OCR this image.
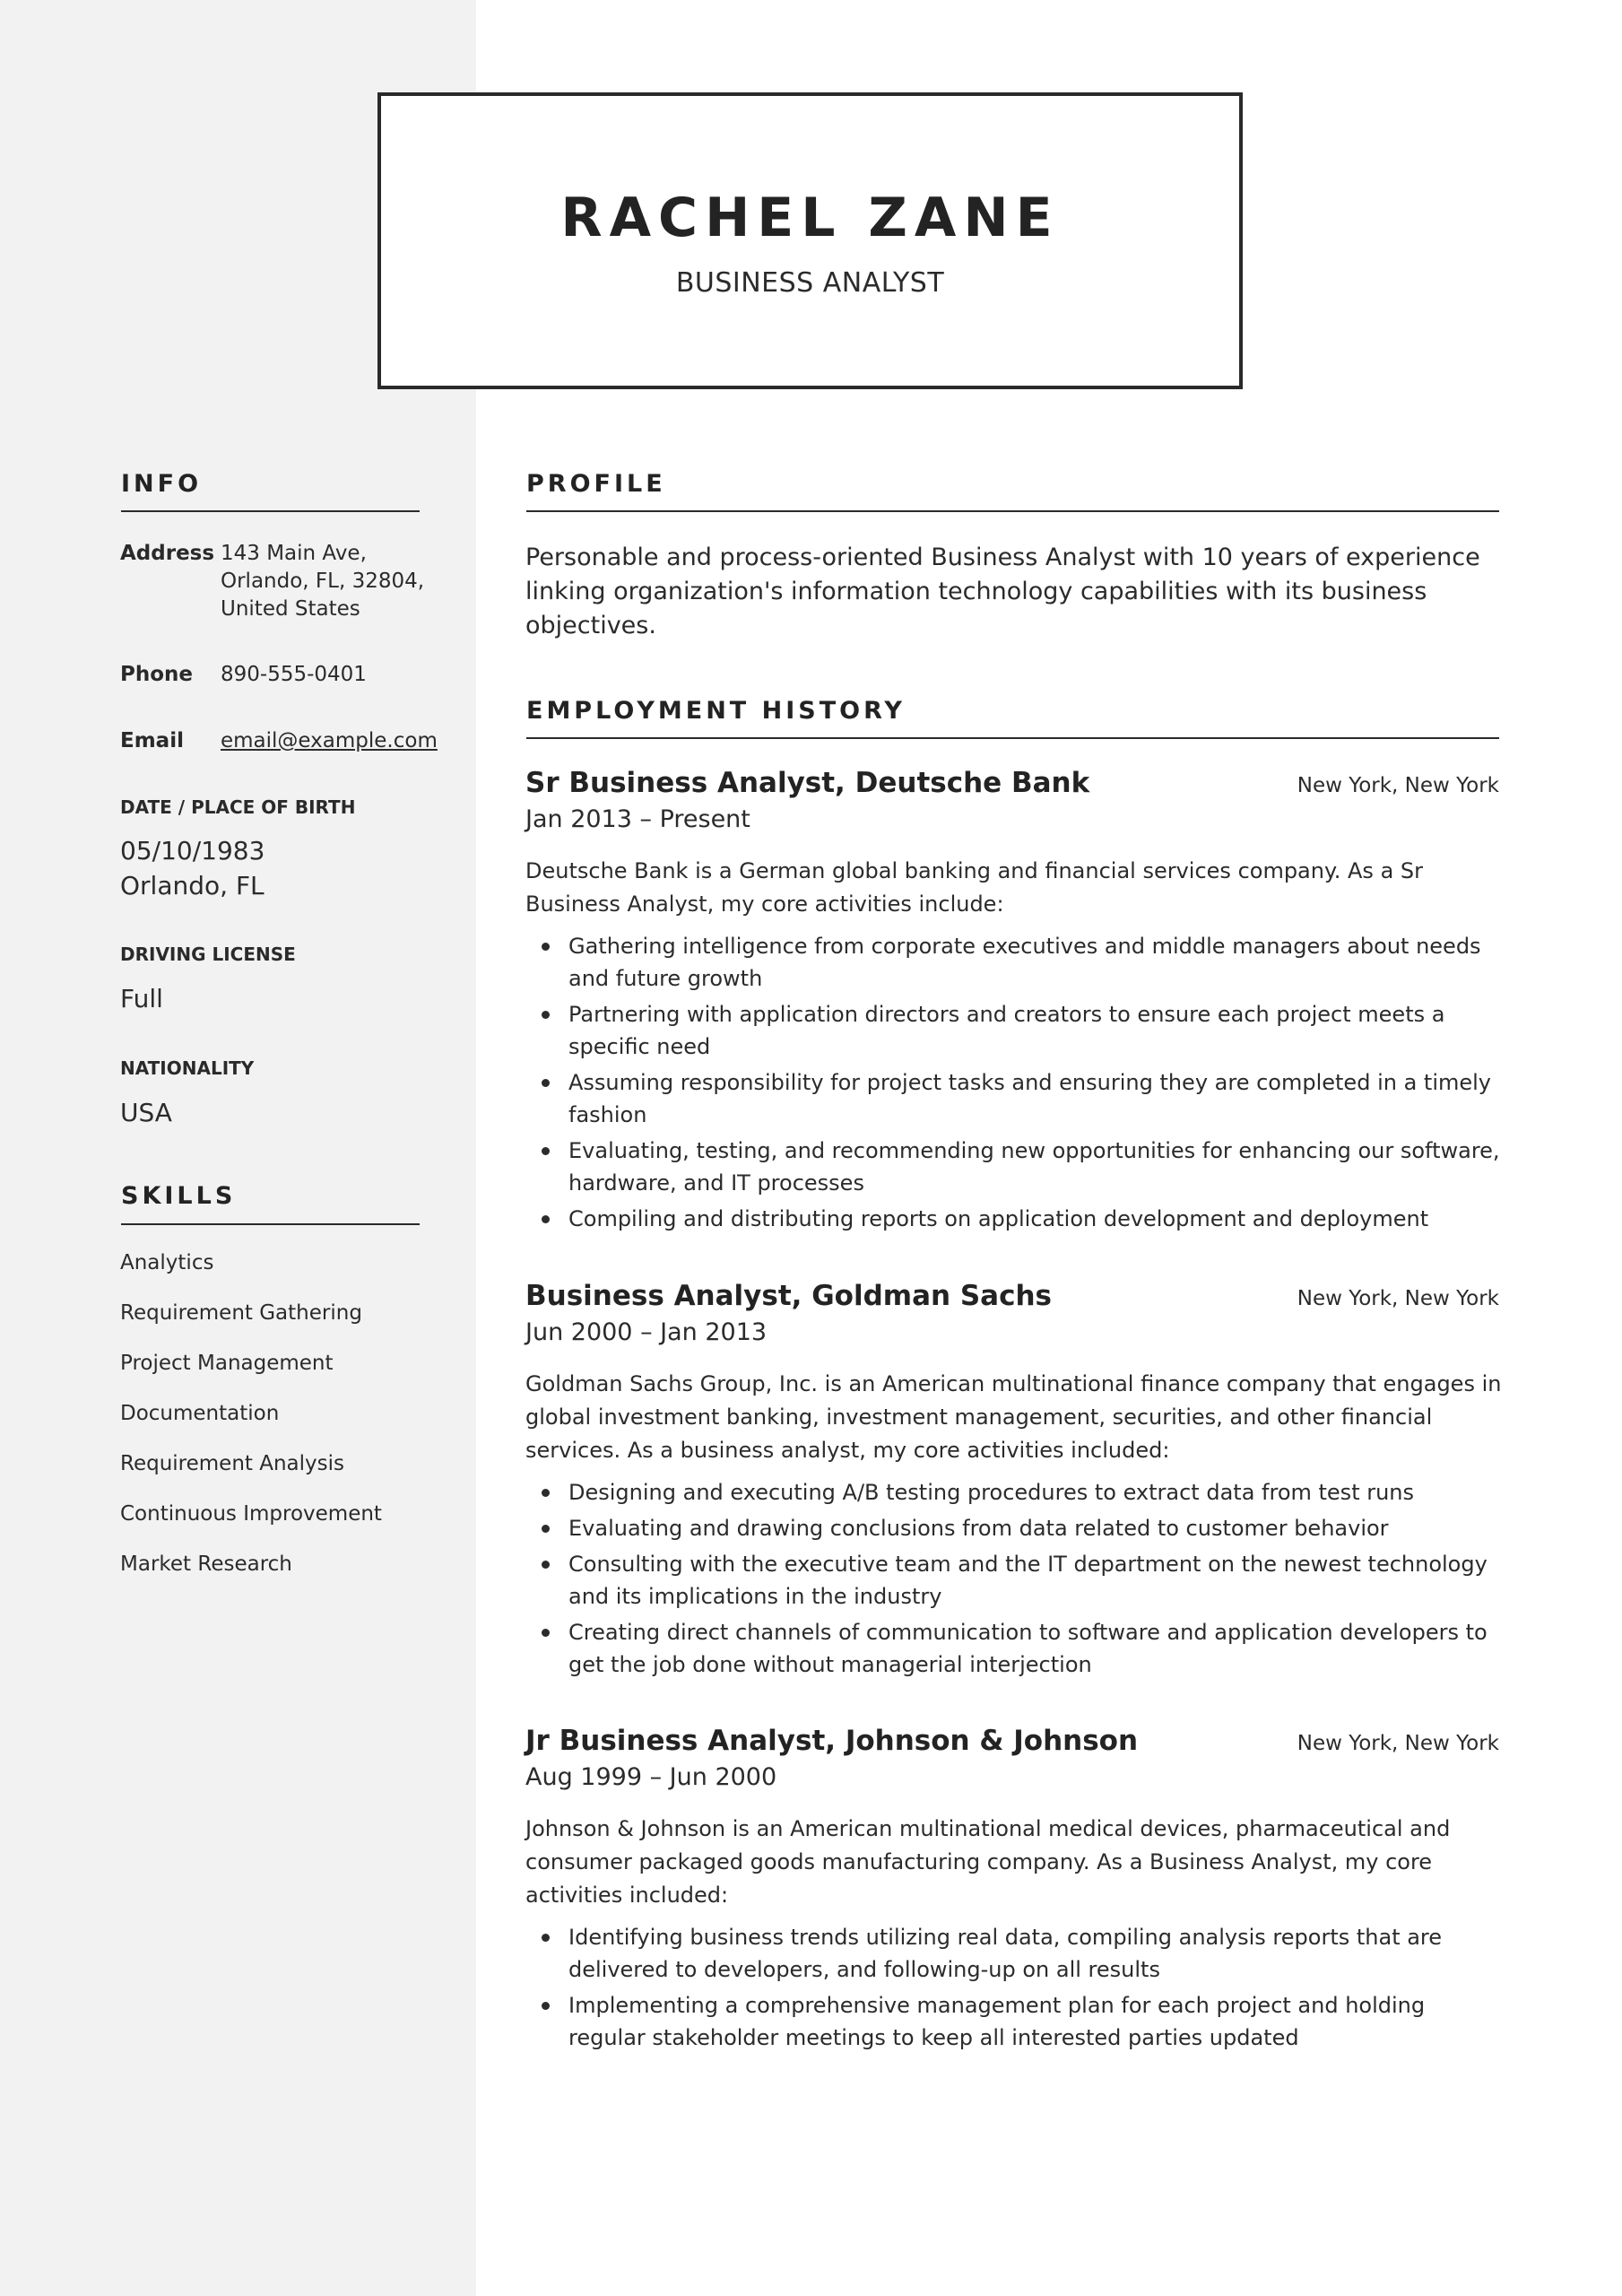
RACHEL ZANE
BUSINESS ANALYST
INFO
Address 143 Main Ave,
Orlando, FL, 32804,
United States
Phone 890-555-0401
Email email@example.com
DATE / PLACE OF BIRTH
05/10/1983
Orlando, FL
DRIVING LICENSE
Full
NATIONALITY
USA
SKILLS
Analytics
Requirement Gathering
Project Management
Documentation
Requirement Analysis
Continuous Improvement
Market Research
PROFILE
Personable and process-oriented Business Analyst with 10 years of experience linking organization's information technology capabilities with its business objectives.
EMPLOYMENT HISTORY
Sr Business Analyst, Deutsche Bank	New York, New York
Jan 2013 – Present
Deutsche Bank is a German global banking and financial services company. As a Sr Business Analyst, my core activities include:
Gathering intelligence from corporate executives and middle managers about needs and future growth
Partnering with application directors and creators to ensure each project meets a specific need
Assuming responsibility for project tasks and ensuring they are completed in a timely fashion
Evaluating, testing, and recommending new opportunities for enhancing our software, hardware, and IT processes
Compiling and distributing reports on application development and deployment
Business Analyst, Goldman Sachs	New York, New York
Jun 2000 – Jan 2013
Goldman Sachs Group, Inc. is an American multinational finance company that engages in global investment banking, investment management, securities, and other financial services. As a business analyst, my core activities included:
Designing and executing A/B testing procedures to extract data from test runs
Evaluating and drawing conclusions from data related to customer behavior
Consulting with the executive team and the IT department on the newest technology and its implications in the industry
Creating direct channels of communication to software and application developers to get the job done without managerial interjection
Jr Business Analyst, Johnson & Johnson	New York, New York
Aug 1999 – Jun 2000
Johnson & Johnson is an American multinational medical devices, pharmaceutical and consumer packaged goods manufacturing company. As a Business Analyst, my core activities included:
Identifying business trends utilizing real data, compiling analysis reports that are delivered to developers, and following-up on all results
Implementing a comprehensive management plan for each project and holding regular stakeholder meetings to keep all interested parties updated
